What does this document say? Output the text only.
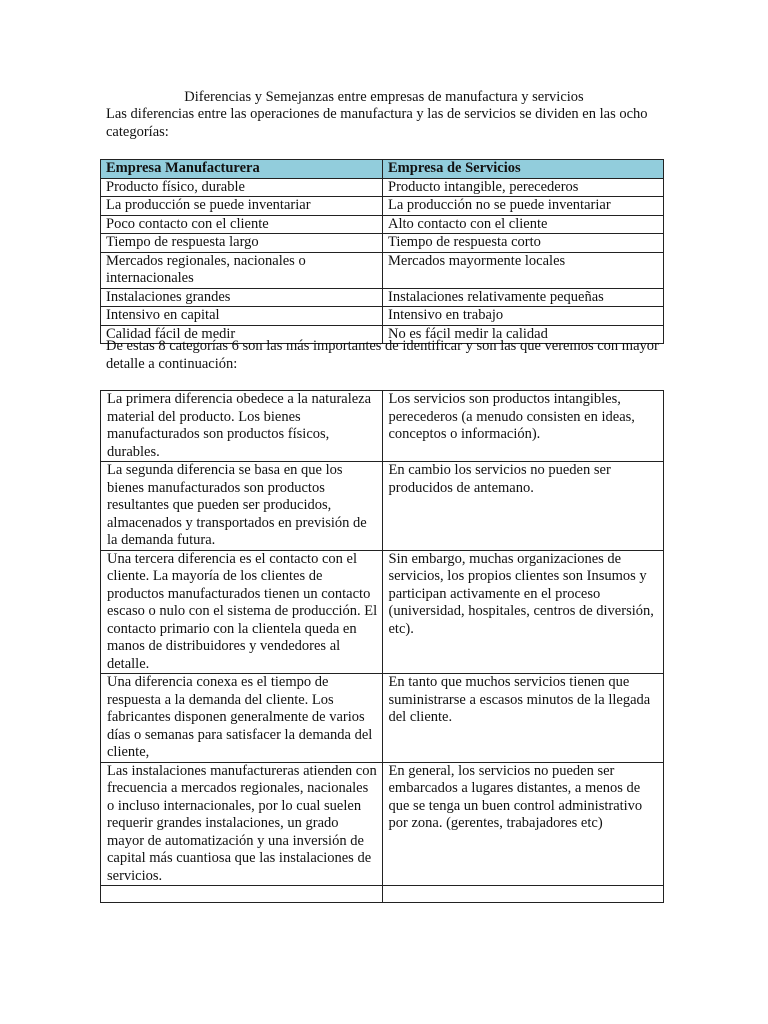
Diferencias y Semejanzas entre empresas de manufactura y servicios
Las diferencias entre las operaciones de manufactura y las de servicios se dividen en las ocho categorías:
Empresa Manufacturera	Empresa de Servicios
Producto físico, durable	Producto intangible, perecederos
La producción se puede inventariar	La producción no se puede inventariar
Poco contacto con el cliente	Alto contacto con el cliente
Tiempo de respuesta largo	Tiempo de respuesta corto
Mercados regionales, nacionales o internacionales	Mercados mayormente locales
Instalaciones grandes	Instalaciones relativamente pequeñas
Intensivo en capital	Intensivo en trabajo
Calidad fácil de medir	No es fácil medir la calidad
De estas 8 categorías 6 son las más importantes de identificar y son las que veremos con mayor detalle a continuación:
La primera diferencia obedece a la naturaleza material del producto. Los bienes manufacturados son productos físicos, durables.	Los servicios son productos intangibles, perecederos (a menudo consisten en ideas, conceptos o información).
La segunda diferencia se basa en que los bienes manufacturados son productos resultantes que pueden ser producidos, almacenados y transportados en previsión de la demanda futura.	En cambio los servicios no pueden ser producidos de antemano.
Una tercera diferencia es el contacto con el cliente. La mayoría de los clientes de productos manufacturados tienen un contacto escaso o nulo con el sistema de producción. El contacto primario con la clientela queda en manos de distribuidores y vendedores al detalle.	Sin embargo, muchas organizaciones de servicios, los propios clientes son Insumos y participan activamente en el proceso (universidad, hospitales, centros de diversión, etc).
Una diferencia conexa es el tiempo de respuesta a la demanda del cliente. Los fabricantes disponen generalmente de varios días o semanas para satisfacer la demanda del cliente,	En tanto que muchos servicios tienen que suministrarse a escasos minutos de la llegada del cliente.
Las instalaciones manufactureras atienden con frecuencia a mercados regionales, nacionales o incluso internacionales, por lo cual suelen requerir grandes instalaciones, un grado mayor de automatización y una inversión de capital más cuantiosa que las instalaciones de servicios.	En general, los servicios no pueden ser embarcados a lugares distantes, a menos de que se tenga un buen control administrativo por zona. (gerentes, trabajadores etc)
